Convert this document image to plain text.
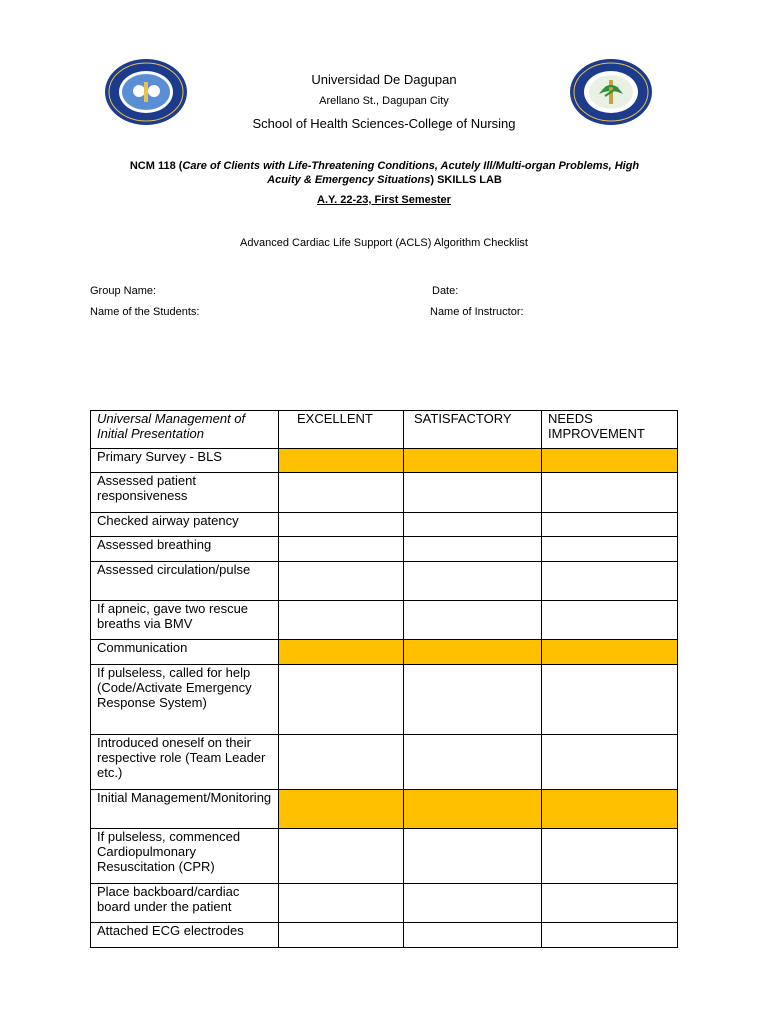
Universidad De Dagupan
Arellano St., Dagupan City
School of Health Sciences-College of Nursing
NCM 118 (Care of Clients with Life-Threatening Conditions, Acutely Ill/Multi-organ Problems, High Acuity & Emergency Situations) SKILLS LAB
A.Y. 22-23, First Semester
Advanced Cardiac Life Support (ACLS) Algorithm Checklist
Group Name:	Date:
Name of the Students:	Name of Instructor:
Universal Management of Initial Presentation	EXCELLENT	SATISFACTORY	NEEDS IMPROVEMENT
Primary Survey - BLS			
Assessed patient responsiveness			
Checked airway patency			
Assessed breathing			
Assessed circulation/pulse			
If apneic, gave two rescue breaths via BMV			
Communication			
If pulseless, called for help (Code/Activate Emergency Response System)			
Introduced oneself on their respective role (Team Leader etc.)			
Initial Management/Monitoring			
If pulseless, commenced Cardiopulmonary Resuscitation (CPR)			
Place backboard/cardiac board under the patient			
Attached ECG electrodes			
